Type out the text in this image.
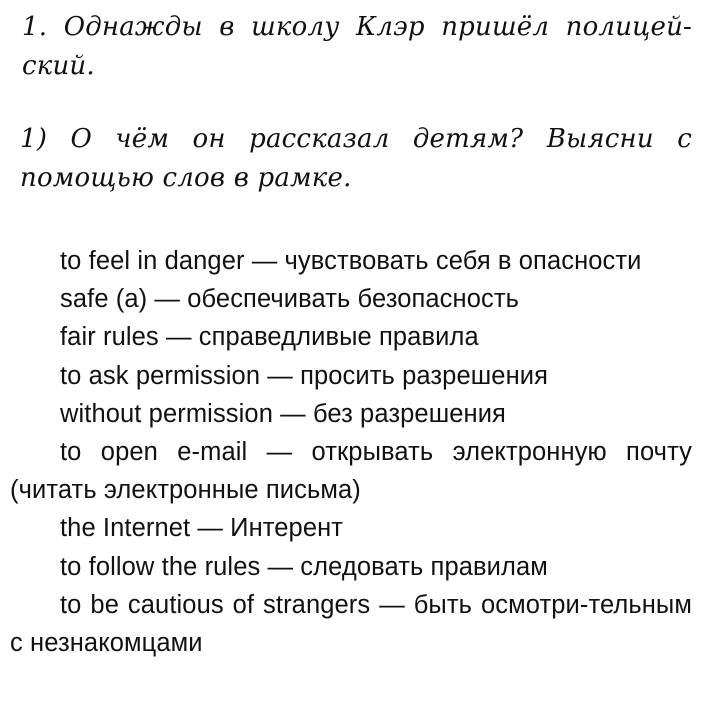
1. Однажды в школу Клэр пришёл полицей-ский.

1) О чём он рассказал детям? Выясни с помощью слов в рамке.

to feel in danger — чувствовать себя в опасности

safe (a) — обеспечивать безопасность

fair rules — справедливые правила

to ask permission — просить разрешения

without permission — без разрешения

to open e-mail — открывать электронную почту (читать электронные письма)

the Internet — Интерент

to follow the rules — следовать правилам

to be cautious of strangers — быть осмотри-тельным с незнакомцами
